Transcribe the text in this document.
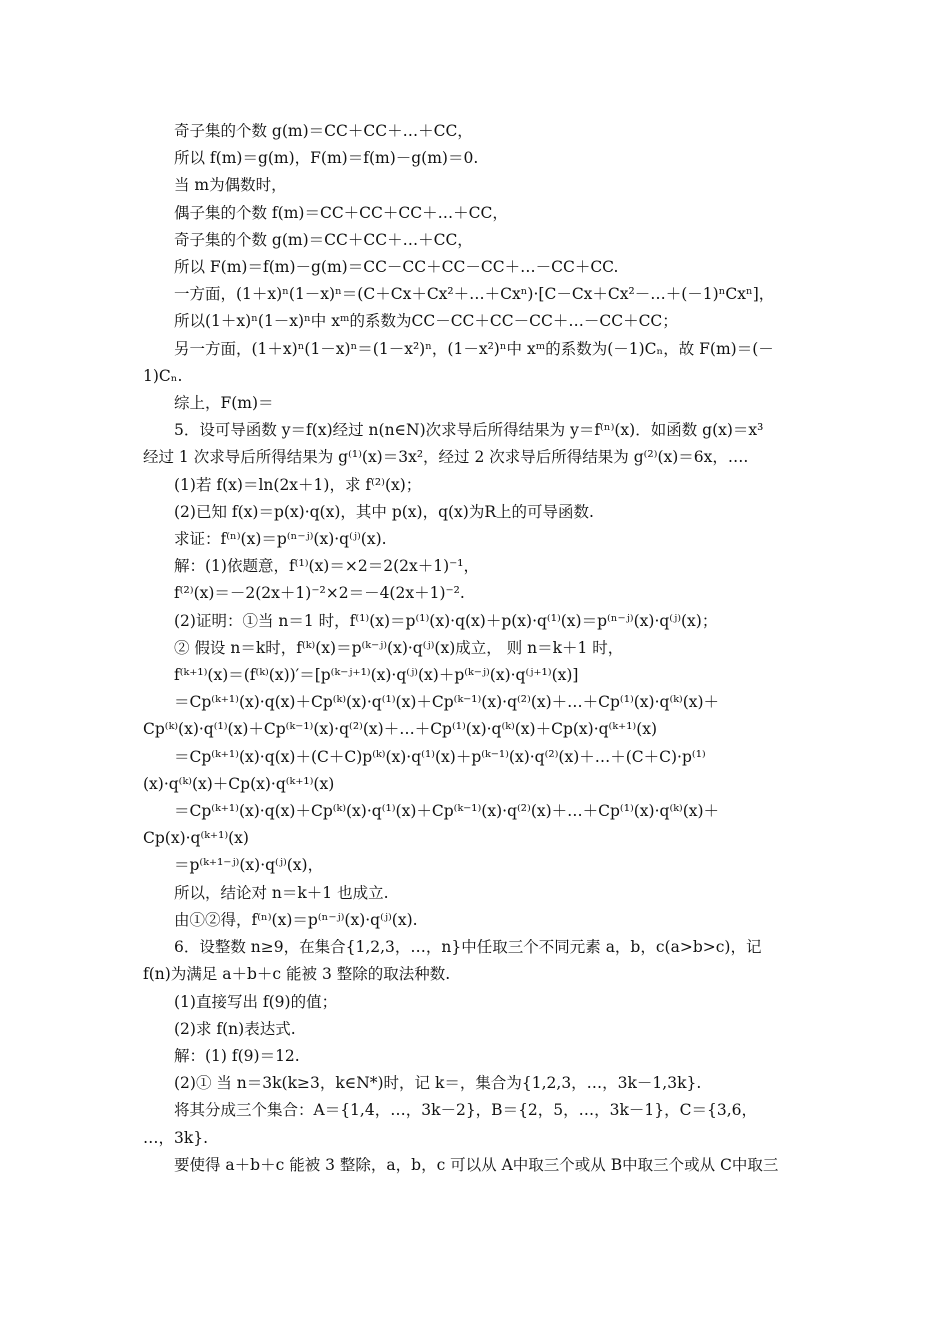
奇子集的个数 g(m)＝CC＋CC＋…＋CC，

所以 f(m)＝g(m)，F(m)＝f(m)－g(m)＝0.

当 m为偶数时，

偶子集的个数 f(m)＝CC＋CC＋CC＋…＋CC，

奇子集的个数 g(m)＝CC＋CC＋…＋CC，

所以 F(m)＝f(m)－g(m)＝CC－CC＋CC－CC＋…－CC＋CC.

一方面，(1＋x)ⁿ(1－x)ⁿ＝(C＋Cx＋Cx²＋…＋Cxⁿ)·[C－Cx＋Cx²－…＋(－1)ⁿCxⁿ]，

所以(1＋x)ⁿ(1－x)ⁿ中 xᵐ的系数为CC－CC＋CC－CC＋…－CC＋CC；

另一方面，(1＋x)ⁿ(1－x)ⁿ＝(1－x²)ⁿ，(1－x²)ⁿ中 xᵐ的系数为(－1)Cₙ，故 F(m)＝(－

1)Cₙ.

综上，F(m)＝

5．设可导函数 y＝f(x)经过 n(n∈N)次求导后所得结果为 y＝f⁽ⁿ⁾(x)．如函数 g(x)＝x³

经过 1 次求导后所得结果为 g⁽¹⁾(x)＝3x²，经过 2 次求导后所得结果为 g⁽²⁾(x)＝6x，….

(1)若 f(x)＝ln(2x＋1)，求 f⁽²⁾(x)；

(2)已知 f(x)＝p(x)·q(x)，其中 p(x)，q(x)为R上的可导函数.

求证：f⁽ⁿ⁾(x)＝p⁽ⁿ⁻ʲ⁾(x)·q⁽ʲ⁾(x).

解：(1)依题意，f⁽¹⁾(x)＝×2＝2(2x＋1)⁻¹，

f⁽²⁾(x)＝－2(2x＋1)⁻²×2＝－4(2x＋1)⁻².

(2)证明：①当 n＝1 时，f⁽¹⁾(x)＝p⁽¹⁾(x)·q(x)＋p(x)·q⁽¹⁾(x)＝p⁽ⁿ⁻ʲ⁾(x)·q⁽ʲ⁾(x)；

② 假设 n＝k时，f⁽ᵏ⁾(x)＝p⁽ᵏ⁻ʲ⁾(x)·q⁽ʲ⁾(x)成立， 则 n＝k＋1 时，

f⁽ᵏ⁺¹⁾(x)＝(f⁽ᵏ⁾(x))′＝[p⁽ᵏ⁻ʲ⁺¹⁾(x)·q⁽ʲ⁾(x)＋p⁽ᵏ⁻ʲ⁾(x)·q⁽ʲ⁺¹⁾(x)]

＝Cp⁽ᵏ⁺¹⁾(x)·q(x)＋Cp⁽ᵏ⁾(x)·q⁽¹⁾(x)＋Cp⁽ᵏ⁻¹⁾(x)·q⁽²⁾(x)＋…＋Cp⁽¹⁾(x)·q⁽ᵏ⁾(x)＋

Cp⁽ᵏ⁾(x)·q⁽¹⁾(x)＋Cp⁽ᵏ⁻¹⁾(x)·q⁽²⁾(x)＋…＋Cp⁽¹⁾(x)·q⁽ᵏ⁾(x)＋Cp(x)·q⁽ᵏ⁺¹⁾(x)

＝Cp⁽ᵏ⁺¹⁾(x)·q(x)＋(C＋C)p⁽ᵏ⁾(x)·q⁽¹⁾(x)＋p⁽ᵏ⁻¹⁾(x)·q⁽²⁾(x)＋…＋(C＋C)·p⁽¹⁾

(x)·q⁽ᵏ⁾(x)＋Cp(x)·q⁽ᵏ⁺¹⁾(x)

＝Cp⁽ᵏ⁺¹⁾(x)·q(x)＋Cp⁽ᵏ⁾(x)·q⁽¹⁾(x)＋Cp⁽ᵏ⁻¹⁾(x)·q⁽²⁾(x)＋…＋Cp⁽¹⁾(x)·q⁽ᵏ⁾(x)＋

Cp(x)·q⁽ᵏ⁺¹⁾(x)

＝p⁽ᵏ⁺¹⁻ʲ⁾(x)·q⁽ʲ⁾(x)，

所以，结论对 n＝k＋1 也成立.

由①②得，f⁽ⁿ⁾(x)＝p⁽ⁿ⁻ʲ⁾(x)·q⁽ʲ⁾(x).

6．设整数 n≥9，在集合{1,2,3，…，n}中任取三个不同元素 a，b，c(a>b>c)，记

f(n)为满足 a＋b＋c 能被 3 整除的取法种数.

(1)直接写出 f(9)的值；

(2)求 f(n)表达式.

解：(1) f(9)＝12.

(2)① 当 n＝3k(k≥3，k∈N*)时，记 k＝，集合为{1,2,3，…，3k－1,3k}.

将其分成三个集合：A＝{1,4，…，3k－2}，B＝{2，5，…，3k－1}，C＝{3,6，

…，3k}.

要使得 a＋b＋c 能被 3 整除，a，b，c 可以从 A中取三个或从 B中取三个或从 C中取三
